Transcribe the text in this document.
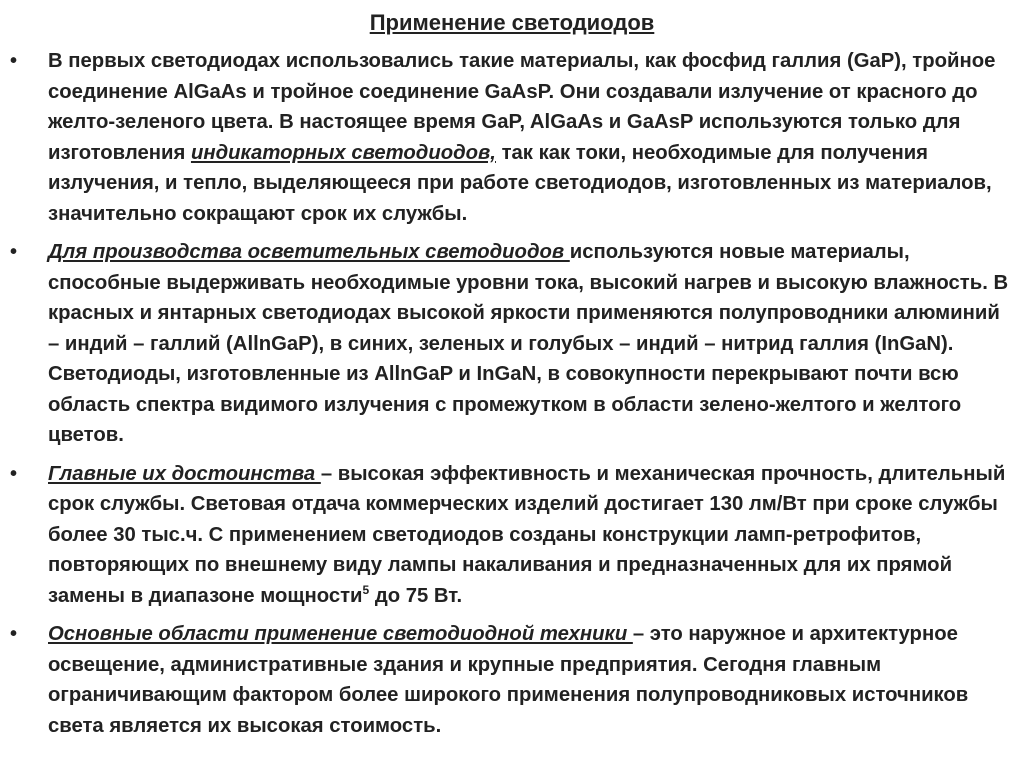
Применение светодиодов
• В первых светодиодах использовались такие материалы, как фосфид галлия (GaP), тройное соединение AlGaAs и тройное соединение GaAsP. Они создавали излучение от красного до желто-зеленого цвета. В настоящее время GaP, AlGaAs и GaAsP используются только для изготовления индикаторных светодиодов, так как токи, необходимые для получения излучения, и тепло, выделяющееся при работе светодиодов, изготовленных из материалов, значительно сокращают срок их службы.
• Для производства осветительных светодиодов используются новые материалы, способные выдерживать необходимые уровни тока, высокий нагрев и высокую влажность. В красных и янтарных светодиодах высокой яркости применяются полупроводники алюминий – индий – галлий (AllnGaP), в синих, зеленых и голубых – индий – нитрид галлия (InGaN). Светодиоды, изготовленные из AllnGaP и InGaN, в совокупности перекрывают почти всю область спектра видимого излучения с промежутком в области зелено-желтого и желтого цветов.
• Главные их достоинства – высокая эффективность и механическая прочность, длительный срок службы. Световая отдача коммерческих изделий достигает 130 лм/Вт при сроке службы более 30 тыс.ч. С применением светодиодов созданы конструкции ламп-ретрофитов, повторяющих по внешнему виду лампы накаливания и предназначенных для их прямой замены в диапазоне мощности$^5$ до 75 Вт.
• Основные области применение светодиодной техники – это наружное и архитектурное освещение, административные здания и крупные предприятия. Сегодня главным ограничивающим фактором более широкого применения полупроводниковых источников света является их высокая стоимость.
